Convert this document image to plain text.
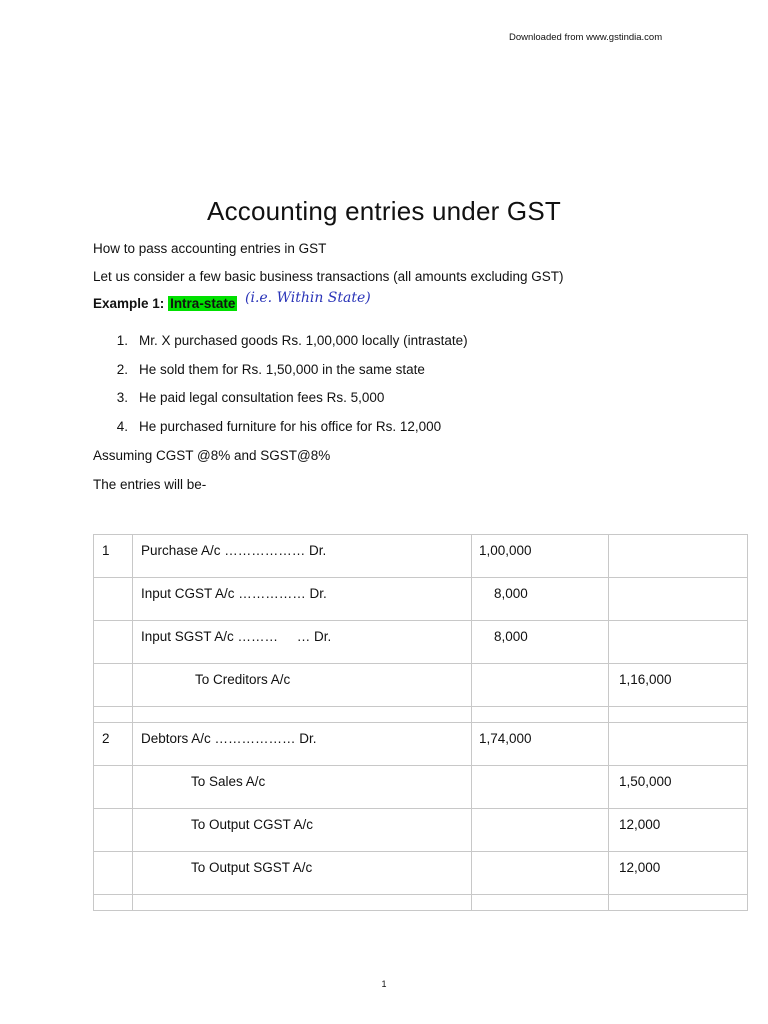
Downloaded from www.gstindia.com
Accounting entries under GST

How to pass accounting entries in GST

Let us consider a few basic business transactions (all amounts excluding GST)

Example 1: Intra-state (i.e. Within State)
1. Mr. X purchased goods Rs. 1,00,000 locally (intrastate)
2. He sold them for Rs. 1,50,000 in the same state
3. He paid legal consultation fees Rs. 5,000
4. He purchased furniture for his office for Rs. 12,000

Assuming CGST @8% and SGST@8%

The entries will be-

1	Purchase A/c ……………… Dr.	1,00,000	

	Input CGST A/c …………… Dr.	8,000	

	Input SGST A/c ………     … Dr.	8,000	

	To Creditors A/c		1,16,000

2	Debtors A/c ……………… Dr.	1,74,000	

	To Sales A/c		1,50,000

	To Output CGST A/c		12,000

	To Output SGST A/c		12,000

1
